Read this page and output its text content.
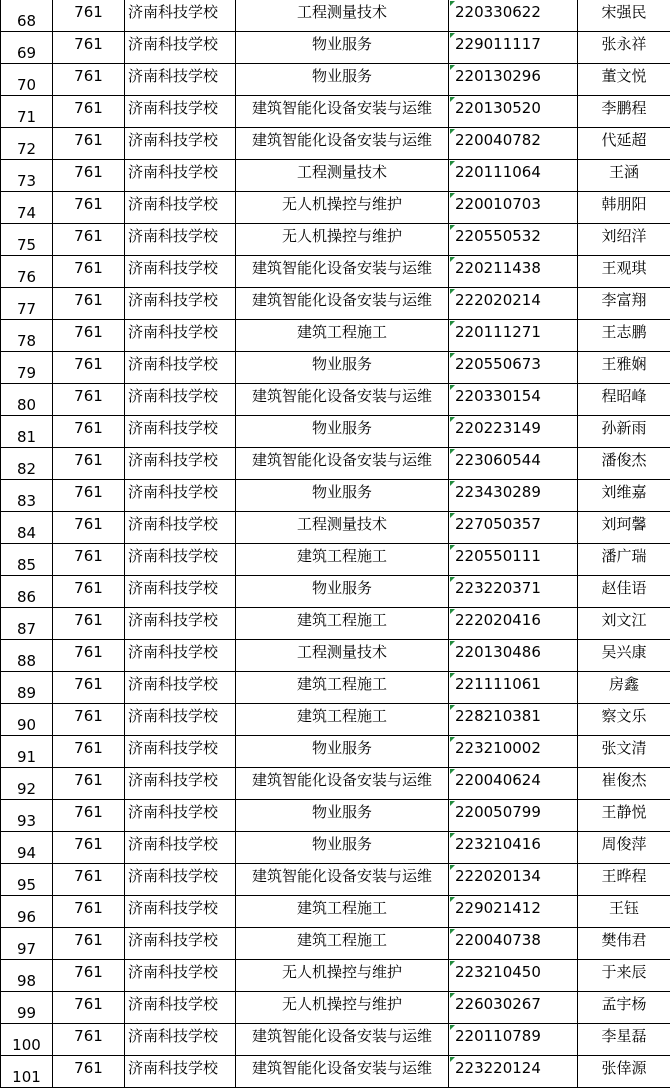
68	761	济南科技学校	工程测量技术	220330622	宋强民
69	761	济南科技学校	物业服务	229011117	张永祥
70	761	济南科技学校	物业服务	220130296	董文悦
71	761	济南科技学校	建筑智能化设备安装与运维	220130520	李鹏程
72	761	济南科技学校	建筑智能化设备安装与运维	220040782	代延超
73	761	济南科技学校	工程测量技术	220111064	王涵
74	761	济南科技学校	无人机操控与维护	220010703	韩朋阳
75	761	济南科技学校	无人机操控与维护	220550532	刘绍洋
76	761	济南科技学校	建筑智能化设备安装与运维	220211438	王观琪
77	761	济南科技学校	建筑智能化设备安装与运维	222020214	李富翔
78	761	济南科技学校	建筑工程施工	220111271	王志鹏
79	761	济南科技学校	物业服务	220550673	王雅娴
80	761	济南科技学校	建筑智能化设备安装与运维	220330154	程昭峰
81	761	济南科技学校	物业服务	220223149	孙新雨
82	761	济南科技学校	建筑智能化设备安装与运维	223060544	潘俊杰
83	761	济南科技学校	物业服务	223430289	刘维嘉
84	761	济南科技学校	工程测量技术	227050357	刘珂馨
85	761	济南科技学校	建筑工程施工	220550111	潘广瑞
86	761	济南科技学校	物业服务	223220371	赵佳语
87	761	济南科技学校	建筑工程施工	222020416	刘文江
88	761	济南科技学校	工程测量技术	220130486	吴兴康
89	761	济南科技学校	建筑工程施工	221111061	房鑫
90	761	济南科技学校	建筑工程施工	228210381	察文乐
91	761	济南科技学校	物业服务	223210002	张文清
92	761	济南科技学校	建筑智能化设备安装与运维	220040624	崔俊杰
93	761	济南科技学校	物业服务	220050799	王静悦
94	761	济南科技学校	物业服务	223210416	周俊萍
95	761	济南科技学校	建筑智能化设备安装与运维	222020134	王晔程
96	761	济南科技学校	建筑工程施工	229021412	王钰
97	761	济南科技学校	建筑工程施工	220040738	樊伟君
98	761	济南科技学校	无人机操控与维护	223210450	于来辰
99	761	济南科技学校	无人机操控与维护	226030267	孟宇杨
100	761	济南科技学校	建筑智能化设备安装与运维	220110789	李星磊
101	761	济南科技学校	建筑智能化设备安装与运维	223220124	张倖源
